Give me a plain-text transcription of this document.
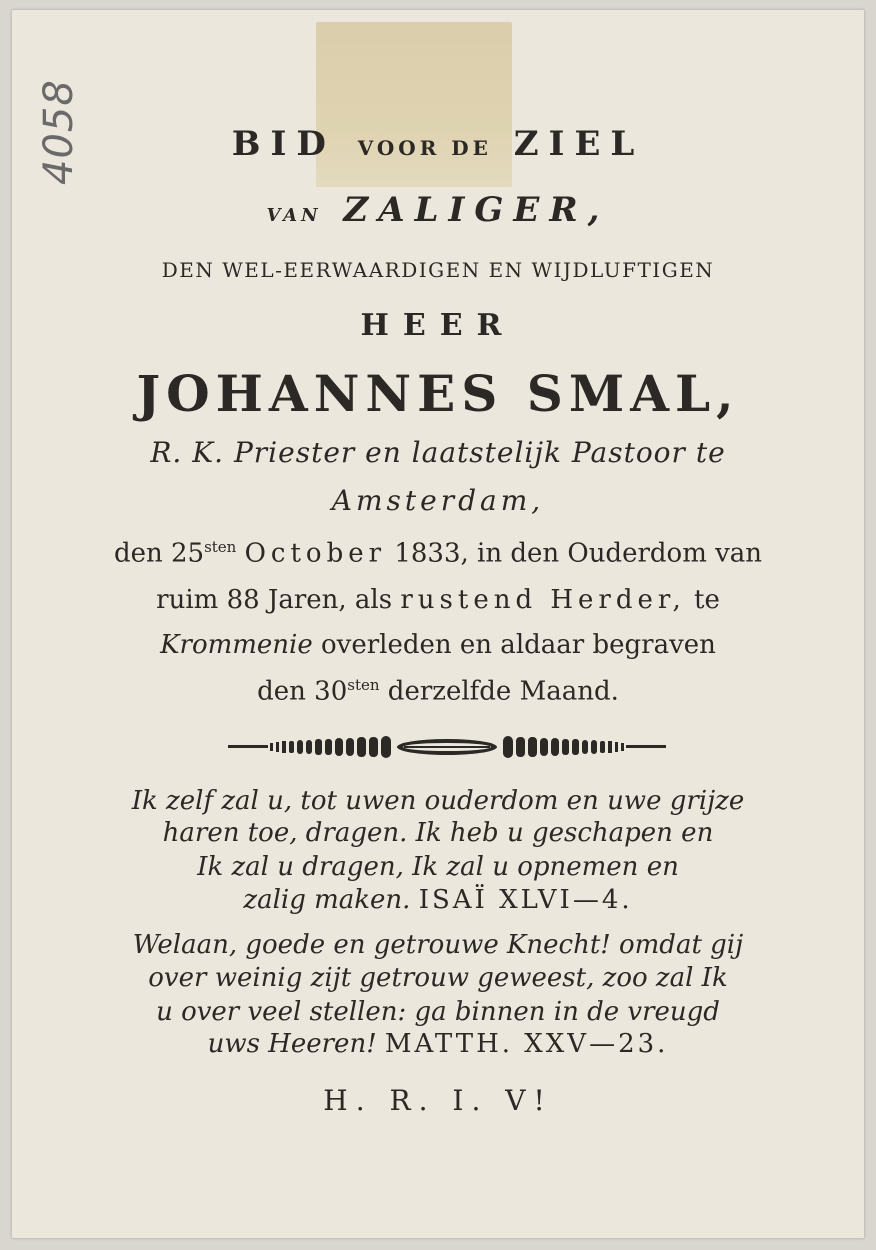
4058	BID VOOR DE ZIEL
VAN ZALIGER,
DEN WEL-EERWAARDIGEN EN WIJDLUFTIGEN
HEER
JOHANNES SMAL,
R. K. Priester en laatstelijk Pastoor te
Amsterdam,
den $25^{sten}$ October 1833, in den Ouderdom van
ruim 88 Jaren, als rustend Herder, te
Krommenie overleden en aldaar begraven
den $30^{sten}$ derzelfde Maand.
Ik zelf zal u, tot uwen ouderdom en uwe grijze
haren toe, dragen. Ik heb u geschapen en
Ik zal u dragen, Ik zal u opnemen en
zalig maken. ISAÏ XLVI—4.
Welaan, goede en getrouwe Knecht! omdat gij
over weinig zijt getrouw geweest, zoo zal Ik
u over veel stellen: ga binnen in de vreugd
uws Heeren! MATTH. XXV—23.
H. R. I. V!
